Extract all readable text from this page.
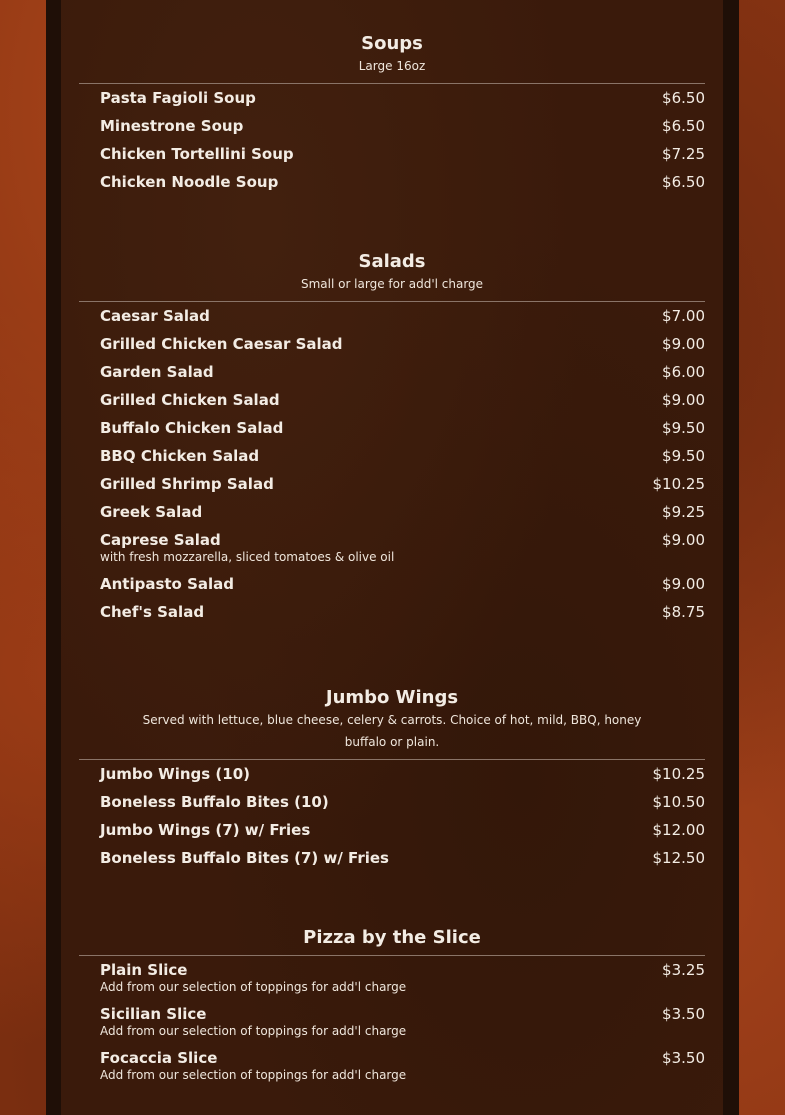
Soups

Large 16oz

Pasta Fagioli Soup	$6.50
Minestrone Soup	$6.50
Chicken Tortellini Soup	$7.25
Chicken Noodle Soup	$6.50
Salads

Small or large for add'l charge

Caesar Salad	$7.00
Grilled Chicken Caesar Salad	$9.00
Garden Salad	$6.00
Grilled Chicken Salad	$9.00
Buffalo Chicken Salad	$9.50
BBQ Chicken Salad	$9.50
Grilled Shrimp Salad	$10.25
Greek Salad	$9.25
Caprese Salad	$9.00
with fresh mozzarella, sliced tomatoes & olive oil
Antipasto Salad	$9.00
Chef's Salad	$8.75
Jumbo Wings

Served with lettuce, blue cheese, celery & carrots. Choice of hot, mild, BBQ, honey buffalo or plain.

Jumbo Wings (10)	$10.25
Boneless Buffalo Bites (10)	$10.50
Jumbo Wings (7) w/ Fries	$12.00
Boneless Buffalo Bites (7) w/ Fries	$12.50
Pizza by the Slice
Plain Slice	$3.25
Add from our selection of toppings for add'l charge
Sicilian Slice	$3.50
Add from our selection of toppings for add'l charge
Focaccia Slice	$3.50
Add from our selection of toppings for add'l charge
